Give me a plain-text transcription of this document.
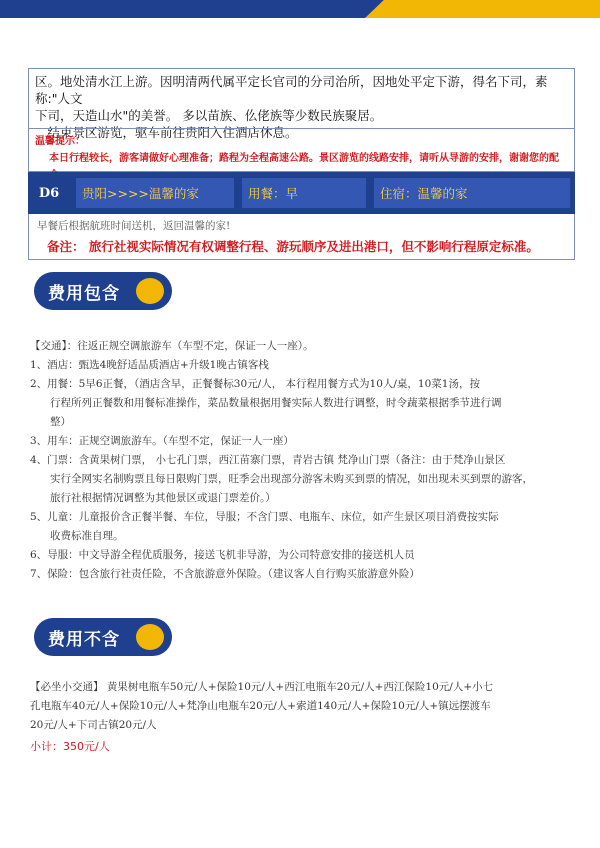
区。地处清水江上游。因明清两代属平定长官司的分司治所，因地处平定下游，得名下司，素称:"人文

下司，天造山水"的美誉。 多以苗族、仫佬族等少数民族聚居。

结束景区游览，驱车前往贵阳入住酒店休息。

温馨提示：
本日行程较长，游客请做好心理准备；路程为全程高速公路。景区游览的线路安排，请听从导游的安排，谢谢您的配
D6	贵阳>>>>温馨的家	用餐：早	住宿：温馨的家

早餐后根据航班时间送机，返回温馨的家!

备注： 旅行社视实际情况有权调整行程、游玩顺序及进出港口，但不影响行程原定标准。

费用包含

【交通】：往返正规空调旅游车（车型不定，保证一人一座）。

1、酒店：甄选4晚舒适品质酒店+升级1晚古镇客栈

2、用餐：5早6正餐，（酒店含早，正餐餐标30元/人， 本行程用餐方式为10人/桌，10菜1汤，按

行程所列正餐数和用餐标准操作，菜品数量根据用餐实际人数进行调整，时令蔬菜根据季节进行调

整）

3、用车：正规空调旅游车。（车型不定，保证一人一座）

4、门票：含黄果树门票， 小七孔门票，西江苗寨门票，青岩古镇 梵净山门票（备注：由于梵净山景区

实行全网实名制购票且每日限购门票，旺季会出现部分游客未购买到票的情况，如出现未买到票的游客，

旅行社根据情况调整为其他景区或退门票差价。）

5、儿童：儿童报价含正餐半餐、车位，导服；不含门票、电瓶车、床位，如产生景区项目消费按实际

收费标准自理。

6、导服：中文导游全程优质服务，接送飞机非导游，为公司特意安排的接送机人员

7、保险：包含旅行社责任险，不含旅游意外保险。（建议客人自行购买旅游意外险）

费用不含

【必坐小交通】 黄果树电瓶车50元/人+保险10元/人+西江电瓶车20元/人+西江保险10元/人+小七

孔电瓶车40元/人+保险10元/人+梵净山电瓶车20元/人+索道140元/人+保险10元/人+镇远摆渡车

20元/人+下司古镇20元/人

小计：350元/人
